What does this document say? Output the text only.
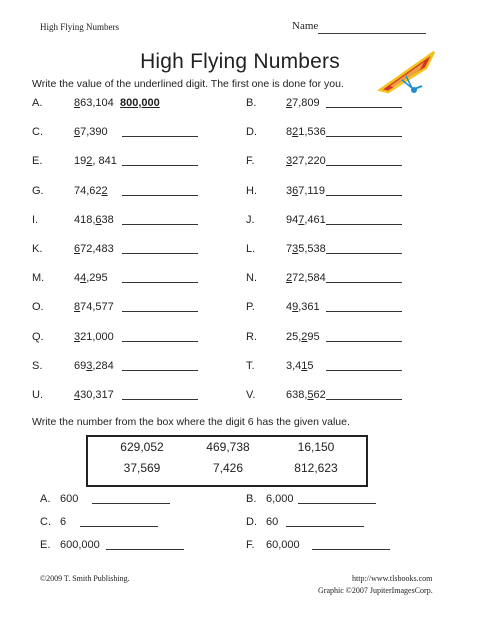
High Flying Numbers	Name
High Flying Numbers
Write the value of the underlined digit. The first one is done for you.
A.	863,104 800,000	B.	27,809
C.	67,390	D.	821,536
E.	192, 841	F.	327,220
G.	74,622	H.	367,119
I.	418,638	J.	947,461
K.	672,483	L.	735,538
M.	44,295	N.	272,584
O.	874,577	P.	49,361
Q.	321,000	R.	25,295
S.	693,284	T.	3,415
U.	430,317	V.	638,562
Write the number from the box where the digit 6 has the given value.
629,052	469,738	16,150
37,569	7,426	812,623
A. 600	B. 6,000
C. 6	D. 60
E. 600,000	F. 60,000
©2009 T. Smith Publishing.	http://www.tlsbooks.com
Graphic ©2007 JupiterImagesCorp.
